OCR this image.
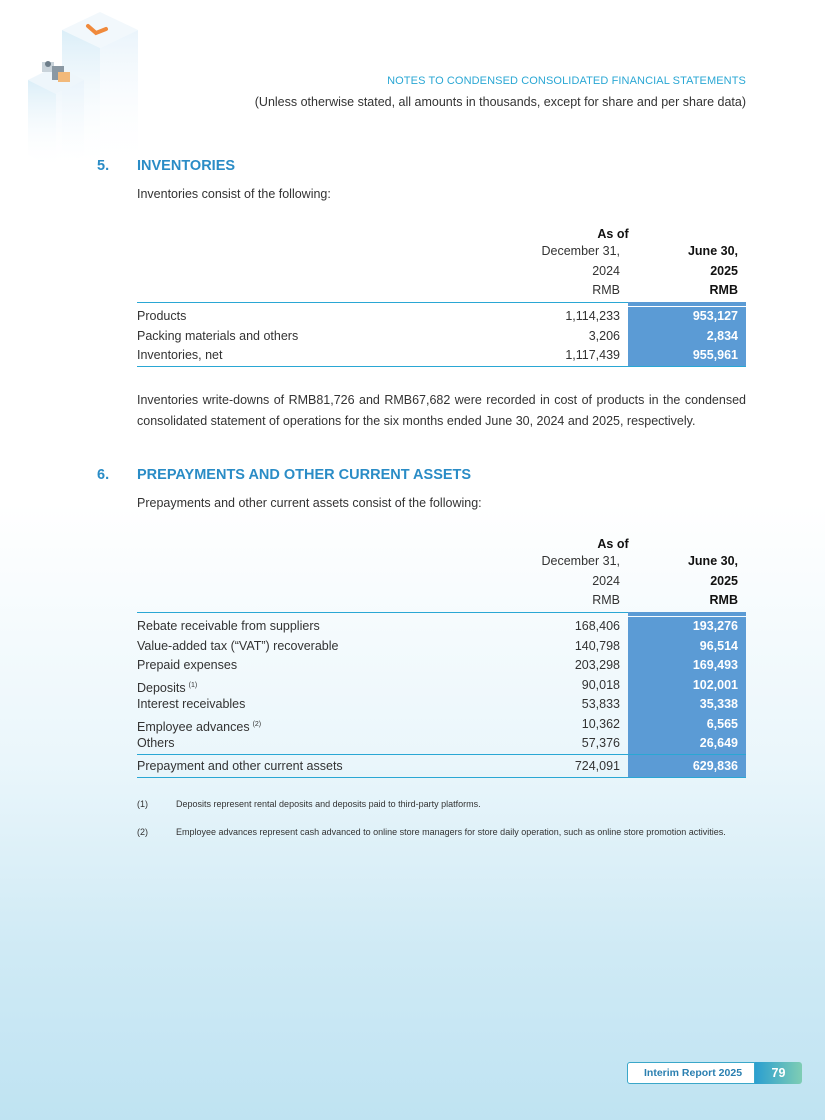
NOTES TO CONDENSED CONSOLIDATED FINANCIAL STATEMENTS
(Unless otherwise stated, all amounts in thousands, except for share and per share data)
5. INVENTORIES
Inventories consist of the following:
As of
December 31,
2024
RMB
June 30,
2025
RMB
Products	1,114,233	953,127
Packing materials and others	3,206	2,834
Inventories, net	1,117,439	955,961
Inventories write-downs of RMB81,726 and RMB67,682 were recorded in cost of products in the condensed consolidated statement of operations for the six months ended June 30, 2024 and 2025, respectively.
6. PREPAYMENTS AND OTHER CURRENT ASSETS
Prepayments and other current assets consist of the following:
As of
December 31,
2024
RMB
June 30,
2025
RMB
Rebate receivable from suppliers	168,406	193,276
Value-added tax (“VAT”) recoverable	140,798	96,514
Prepaid expenses	203,298	169,493
Deposits $^{(1)}$	90,018	102,001
Interest receivables	53,833	35,338
Employee advances $^{(2)}$	10,362	6,565
Others	57,376	26,649
Prepayment and other current assets	724,091	629,836
(1)	Deposits represent rental deposits and deposits paid to third-party platforms.
(2)	Employee advances represent cash advanced to online store managers for store daily operation, such as online store promotion activities.
Interim Report 2025	79
